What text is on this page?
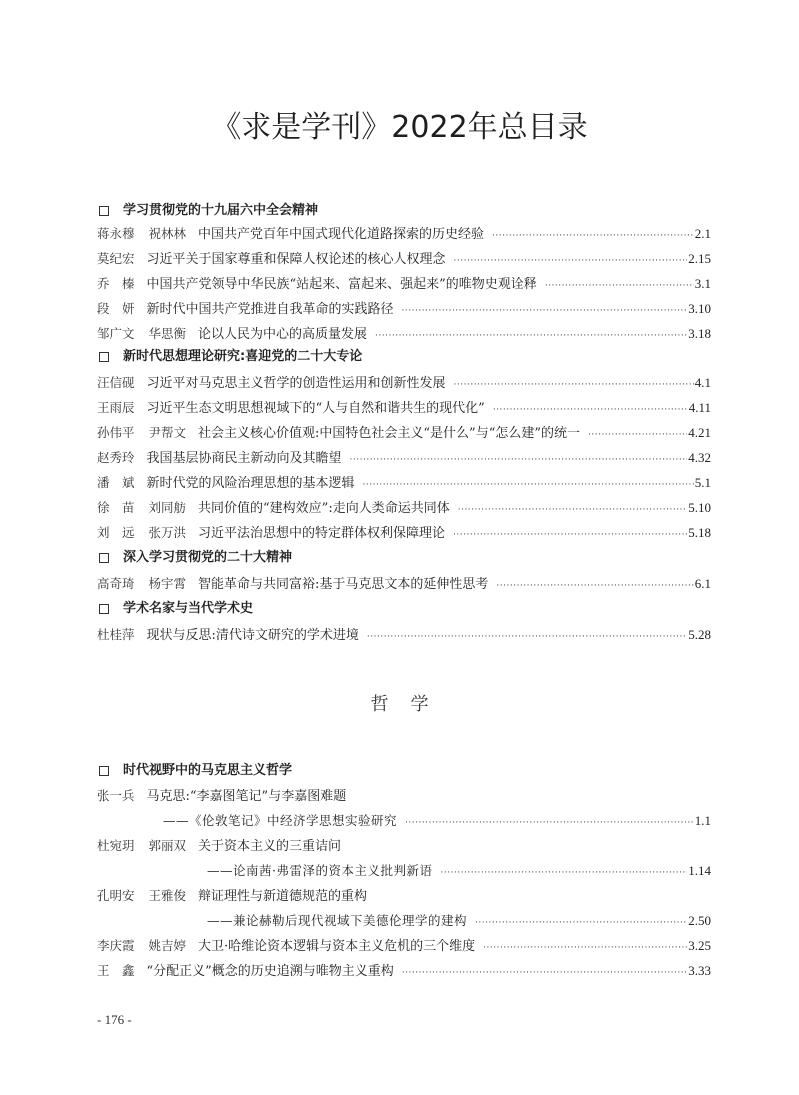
《求是学刊》2022年总目录
学习贯彻党的十九届六中全会精神
蒋永穆 祝林林 中国共产党百年中国式现代化道路探索的历史经验 ·····	2.1
莫纪宏 习近平关于国家尊重和保障人权论述的核心人权理念 ·····	2.15
乔　榛 中国共产党领导中华民族“站起来、富起来、强起来”的唯物史观诠释 ·····	3.1
段　妍 新时代中国共产党推进自我革命的实践路径 ·····	3.10
邹广文 华思衡 论以人民为中心的高质量发展 ·····	3.18
新时代思想理论研究:喜迎党的二十大专论
汪信砚 习近平对马克思主义哲学的创造性运用和创新性发展 ·····	4.1
王雨辰 习近平生态文明思想视域下的“人与自然和谐共生的现代化” ·····	4.11
孙伟平 尹帮文 社会主义核心价值观:中国特色社会主义“是什么”与“怎么建”的统一 ·····	4.21
赵秀玲 我国基层协商民主新动向及其瞻望 ·····	4.32
潘　斌 新时代党的风险治理思想的基本逻辑 ·····	5.1
徐　苗 刘同舫 共同价值的“建构效应”:走向人类命运共同体 ·····	5.10
刘　远 张万洪 习近平法治思想中的特定群体权利保障理论 ·····	5.18
深入学习贯彻党的二十大精神
高奇琦 杨宇霄 智能革命与共同富裕:基于马克思文本的延伸性思考 ·····	6.1
学术名家与当代学术史
杜桂萍 现状与反思:清代诗文研究的学术进境 ·····	5.28
哲学
时代视野中的马克思主义哲学
张一兵 马克思:“李嘉图笔记”与李嘉图难题
——《伦敦笔记》中经济学思想实验研究 ·····	1.1
杜宛玥 郭丽双 关于资本主义的三重诘问
——论南茜·弗雷泽的资本主义批判新语 ·····	1.14
孔明安 王雅俊 辩证理性与新道德规范的重构
——兼论赫勒后现代视域下美德伦理学的建构 ·····	2.50
李庆霞 姚吉婷 大卫·哈维论资本逻辑与资本主义危机的三个维度 ·····	3.25
王　鑫 “分配正义”概念的历史追溯与唯物主义重构 ·····	3.33
- 176 -
